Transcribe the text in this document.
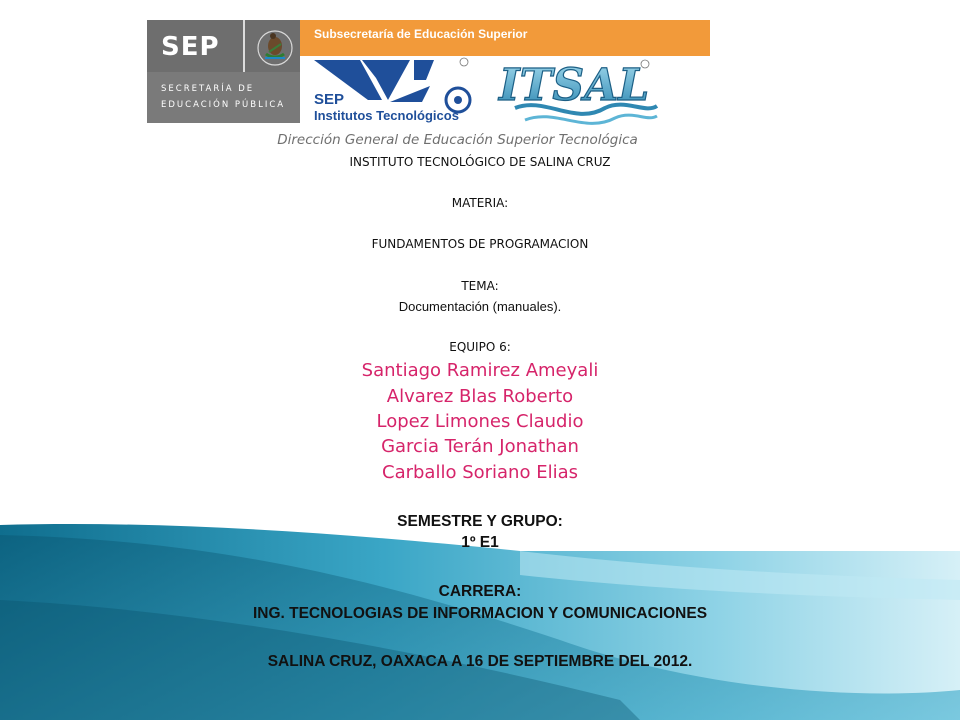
SEP
SECRETARÍA DE
EDUCACIÓN PÚBLICA
Subsecretaría de Educación Superior
SEP
Institutos Tecnológicos
ITSAL
Dirección General de Educación Superior Tecnológica
INSTITUTO TECNOLÓGICO DE SALINA CRUZ
MATERIA:
FUNDAMENTOS DE PROGRAMACION
TEMA:
Documentación (manuales).
EQUIPO 6:
Santiago Ramirez Ameyali
Alvarez Blas Roberto
Lopez Limones Claudio
Garcia Terán Jonathan
Carballo Soriano Elias
SEMESTRE Y GRUPO:
1º E1
CARRERA:
ING. TECNOLOGIAS DE INFORMACION Y COMUNICACIONES
SALINA CRUZ, OAXACA A 16 DE SEPTIEMBRE DEL 2012.
